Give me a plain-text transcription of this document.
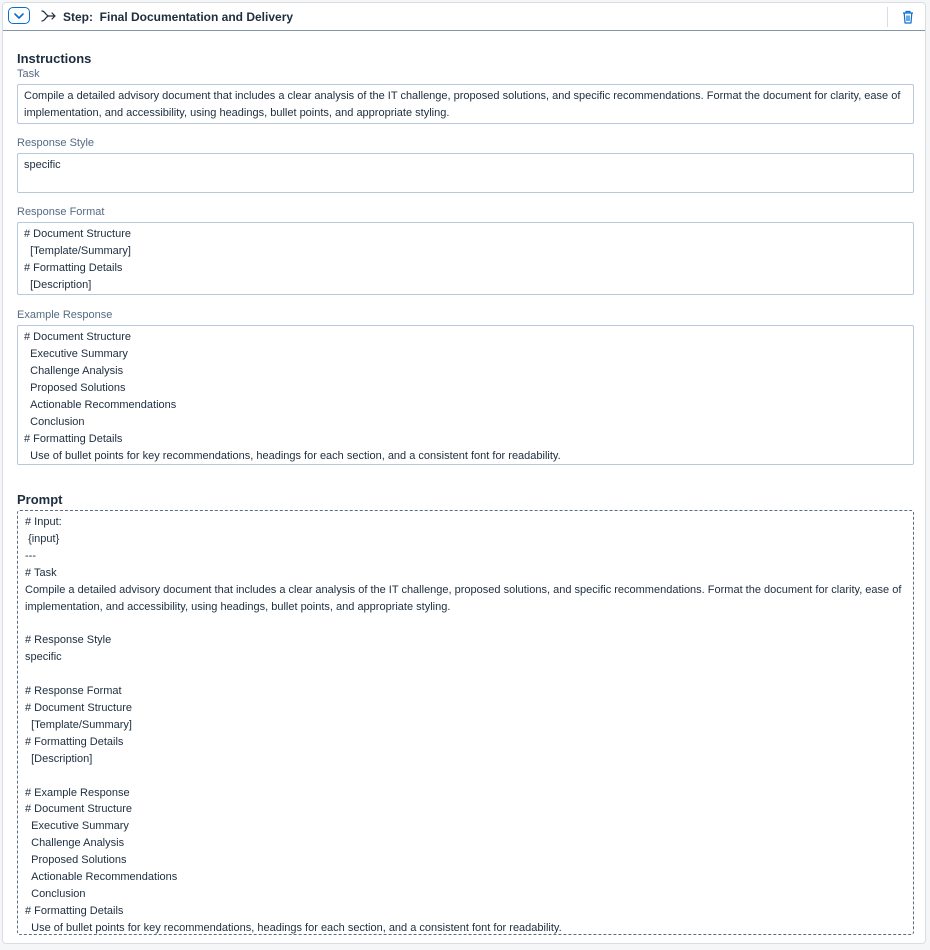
Step:  Final Documentation and Delivery
Instructions
Task
Compile a detailed advisory document that includes a clear analysis of the IT challenge, proposed solutions, and specific recommendations. Format the document for clarity, ease of implementation, and accessibility, using headings, bullet points, and appropriate styling.
Response Style
specific
Response Format
# Document Structure
[Template/Summary]
# Formatting Details
[Description]
Example Response
# Document Structure
Executive Summary
Challenge Analysis
Proposed Solutions
Actionable Recommendations
Conclusion
# Formatting Details
Use of bullet points for key recommendations, headings for each section, and a consistent font for readability.
Prompt
# Input:
{input}
---
# Task
Compile a detailed advisory document that includes a clear analysis of the IT challenge, proposed solutions, and specific recommendations. Format the document for clarity, ease of implementation, and accessibility, using headings, bullet points, and appropriate styling.

# Response Style
specific

# Response Format
# Document Structure
[Template/Summary]
# Formatting Details
[Description]

# Example Response
# Document Structure
Executive Summary
Challenge Analysis
Proposed Solutions
Actionable Recommendations
Conclusion
# Formatting Details
Use of bullet points for key recommendations, headings for each section, and a consistent font for readability.
